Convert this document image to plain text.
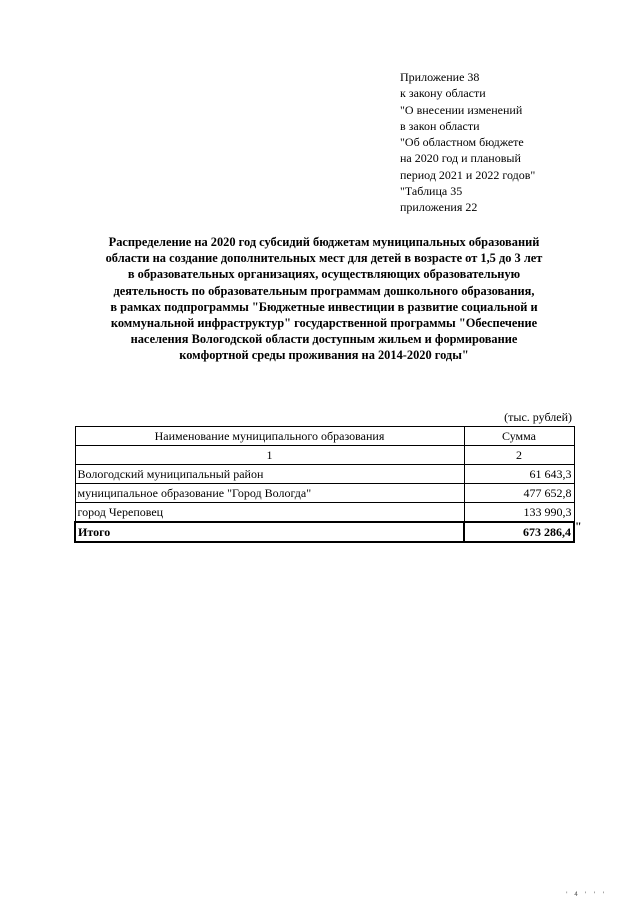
Приложение 38
к закону области
"О внесении изменений
в закон области
"Об областном бюджете
на 2020 год и плановый
период 2021 и 2022 годов"
"Таблица 35
приложения 22
Распределение на 2020 год субсидий бюджетам муниципальных образований
области на создание дополнительных мест для детей в возрасте от 1,5 до 3 лет
в образовательных организациях, осуществляющих образовательную
деятельность по образовательным программам дошкольного образования,
в рамках подпрограммы "Бюджетные инвестиции в развитие социальной и
коммунальной инфраструктур" государственной программы "Обеспечение
населения Вологодской области доступным жильем и формирование
комфортной среды проживания на 2014-2020 годы"
(тыс. рублей)
Наименование муниципального образования	Сумма
1	2
Вологодский муниципальный район	61 643,3
муниципальное образование "Город Вологда"	477 652,8
город Череповец	133 990,3
Итого	673 286,4 "
' 4 ' ' '
